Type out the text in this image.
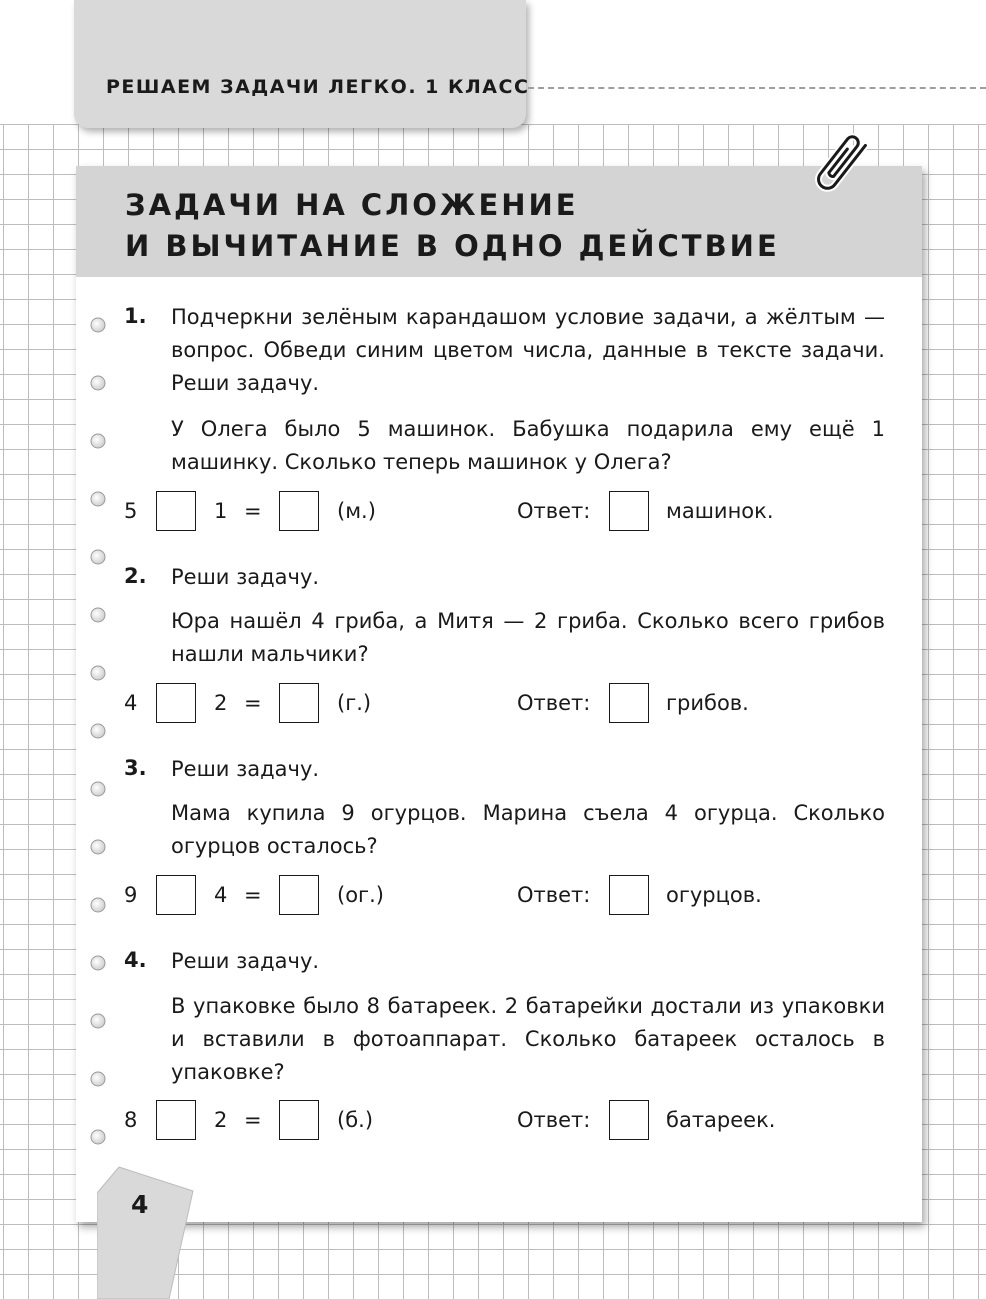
РЕШАЕМ ЗАДАЧИ ЛЕГКО. 1 КЛАСС
ЗАДАЧИ НА СЛОЖЕНИЕ
И ВЫЧИТАНИЕ В ОДНО ДЕЙСТВИЕ
1. Подчеркни зелёным карандашом условие задачи, а жёлтым — вопрос. Обведи синим цветом числа, данные в тексте задачи. Реши задачу.

У Олега было 5 машинок. Бабушка подарила ему ещё 1 машинку. Сколько теперь машинок у Олега?

5	1 =	(м.)	Ответ:	машинок.
2. Реши задачу.

Юра нашёл 4 гриба, а Митя — 2 гриба. Сколько всего грибов нашли мальчики?

4	2 =	(г.)	Ответ:	грибов.
3. Реши задачу.

Мама купила 9 огурцов. Марина съела 4 огурца. Сколько огурцов осталось?

9	4 =	(ог.)	Ответ:	огурцов.
4. Реши задачу.

В упаковке было 8 батареек. 2 батарейки достали из упаковки и вставили в фотоаппарат. Сколько батареек осталось в упаковке?

8	2 =	(б.)	Ответ:	батареек.
4
